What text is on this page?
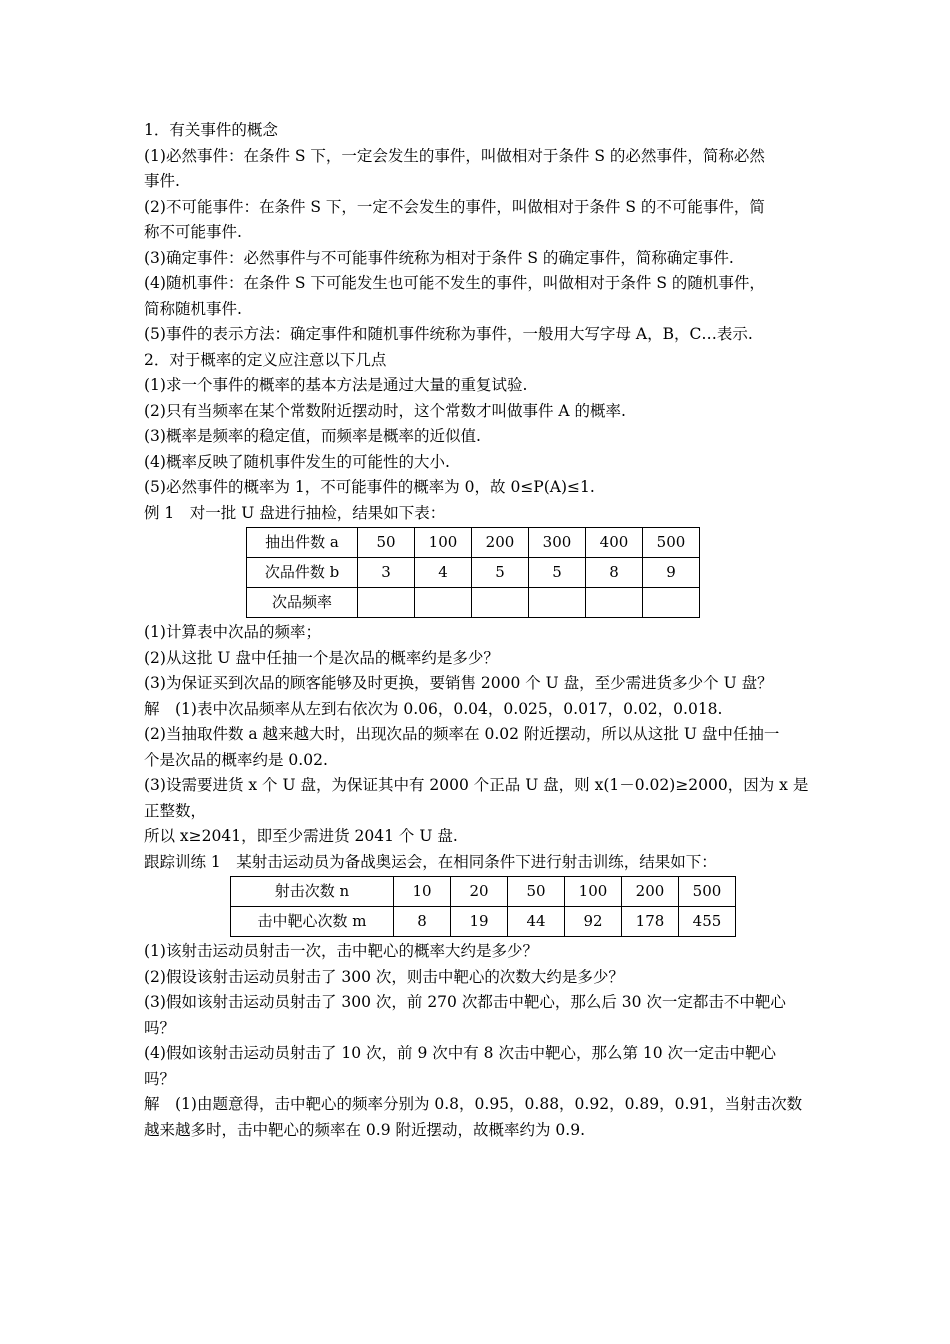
1．有关事件的概念

(1)必然事件：在条件 S 下，一定会发生的事件，叫做相对于条件 S 的必然事件，简称必然

事件.

(2)不可能事件：在条件 S 下，一定不会发生的事件，叫做相对于条件 S 的不可能事件，简

称不可能事件.

(3)确定事件：必然事件与不可能事件统称为相对于条件 S 的确定事件，简称确定事件.

(4)随机事件：在条件 S 下可能发生也可能不发生的事件，叫做相对于条件 S 的随机事件，

简称随机事件.

(5)事件的表示方法：确定事件和随机事件统称为事件，一般用大写字母 A，B，C…表示.

2．对于概率的定义应注意以下几点

(1)求一个事件的概率的基本方法是通过大量的重复试验.

(2)只有当频率在某个常数附近摆动时，这个常数才叫做事件 A 的概率.

(3)概率是频率的稳定值，而频率是概率的近似值.

(4)概率反映了随机事件发生的可能性的大小.

(5)必然事件的概率为 1，不可能事件的概率为 0，故 0≤P(A)≤1.

例 1　对一批 U 盘进行抽检，结果如下表：

抽出件数 a	50	100	200	300	400	500
次品件数 b	3	4	5	5	8	9
次品频率						

(1)计算表中次品的频率；

(2)从这批 U 盘中任抽一个是次品的概率约是多少？

(3)为保证买到次品的顾客能够及时更换，要销售 2000 个 U 盘，至少需进货多少个 U 盘？

解　(1)表中次品频率从左到右依次为 0.06，0.04，0.025，0.017，0.02，0.018.

(2)当抽取件数 a 越来越大时，出现次品的频率在 0.02 附近摆动，所以从这批 U 盘中任抽一

个是次品的概率约是 0.02.

(3)设需要进货 x 个 U 盘，为保证其中有 2000 个正品 U 盘，则 x(1－0.02)≥2000，因为 x 是

正整数，

所以 x≥2041，即至少需进货 2041 个 U 盘.

跟踪训练 1　某射击运动员为备战奥运会，在相同条件下进行射击训练，结果如下：

射击次数 n	10	20	50	100	200	500
击中靶心次数 m	8	19	44	92	178	455

(1)该射击运动员射击一次，击中靶心的概率大约是多少？

(2)假设该射击运动员射击了 300 次，则击中靶心的次数大约是多少？

(3)假如该射击运动员射击了 300 次，前 270 次都击中靶心，那么后 30 次一定都击不中靶心

吗？

(4)假如该射击运动员射击了 10 次，前 9 次中有 8 次击中靶心，那么第 10 次一定击中靶心

吗？

解　(1)由题意得，击中靶心的频率分别为 0.8，0.95，0.88，0.92，0.89，0.91，当射击次数

越来越多时，击中靶心的频率在 0.9 附近摆动，故概率约为 0.9.
